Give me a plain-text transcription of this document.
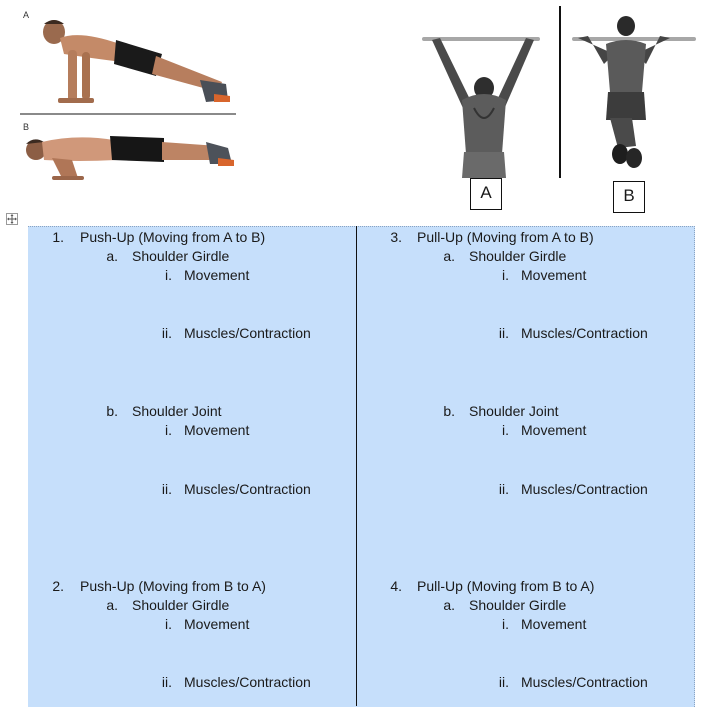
A
B
A	B
1. Push-Up (Moving from A to B)
a. Shoulder Girdle
i. Movement
ii. Muscles/Contraction
b. Shoulder Joint
i. Movement
ii. Muscles/Contraction
2. Push-Up (Moving from B to A)
a. Shoulder Girdle
i. Movement
ii. Muscles/Contraction
3. Pull-Up (Moving from A to B)
a. Shoulder Girdle
i. Movement
ii. Muscles/Contraction
b. Shoulder Joint
i. Movement
ii. Muscles/Contraction
4. Pull-Up (Moving from B to A)
a. Shoulder Girdle
i. Movement
ii. Muscles/Contraction
